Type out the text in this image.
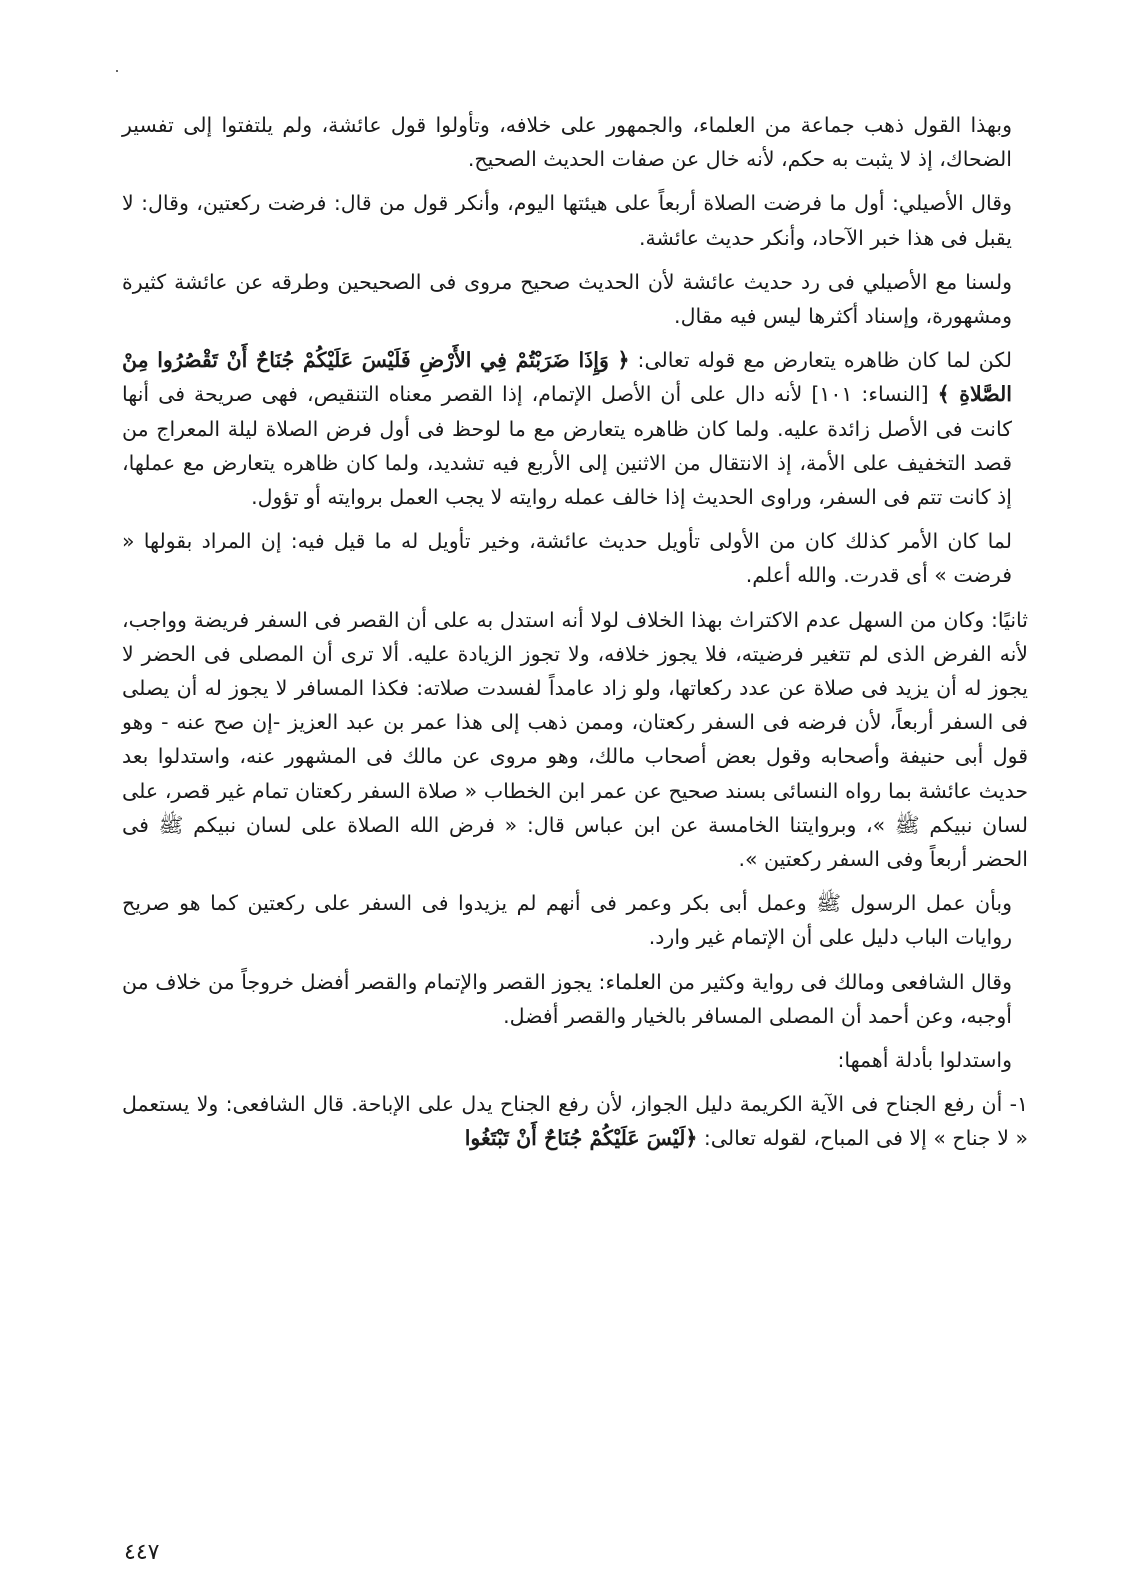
وبهذا القول ذهب جماعة من العلماء، والجمهور على خلافه، وتأولوا قول عائشة، ولم يلتفتوا إلى تفسير الضحاك، إذ لا يثبت به حكم، لأنه خال عن صفات الحديث الصحيح.

وقال الأصيلي: أول ما فرضت الصلاة أربعاً على هيئتها اليوم، وأنكر قول من قال: فرضت ركعتين، وقال: لا يقبل فى هذا خبر الآحاد، وأنكر حديث عائشة.

ولسنا مع الأصيلي فى رد حديث عائشة لأن الحديث صحيح مروى فى الصحيحين وطرقه عن عائشة كثيرة ومشهورة، وإسناد أكثرها ليس فيه مقال.

لكن لما كان ظاهره يتعارض مع قوله تعالى: ﴿ وَإِذَا ضَرَبْتُمْ فِي الأَرْضِ فَلَيْسَ عَلَيْكُمْ جُنَاحٌ أَنْ تَقْصُرُوا مِنْ الصَّلاةِ ﴾ [النساء: ١٠١] لأنه دال على أن الأصل الإتمام، إذا القصر معناه التنقيص، فهى صريحة فى أنها كانت فى الأصل زائدة عليه. ولما كان ظاهره يتعارض مع ما لوحظ فى أول فرض الصلاة ليلة المعراج من قصد التخفيف على الأمة، إذ الانتقال من الاثنين إلى الأربع فيه تشديد، ولما كان ظاهره يتعارض مع عملها، إذ كانت تتم فى السفر، وراوى الحديث إذا خالف عمله روايته لا يجب العمل بروايته أو تؤول.

لما كان الأمر كذلك كان من الأولى تأويل حديث عائشة، وخير تأويل له ما قيل فيه: إن المراد بقولها « فرضت » أى قدرت. والله أعلم.

ثانيًا: وكان من السهل عدم الاكتراث بهذا الخلاف لولا أنه استدل به على أن القصر فى السفر فريضة وواجب، لأنه الفرض الذى لم تتغير فرضيته، فلا يجوز خلافه، ولا تجوز الزيادة عليه. ألا ترى أن المصلى فى الحضر لا يجوز له أن يزيد فى صلاة عن عدد ركعاتها، ولو زاد عامداً لفسدت صلاته: فكذا المسافر لا يجوز له أن يصلى فى السفر أربعاً، لأن فرضه فى السفر ركعتان، وممن ذهب إلى هذا عمر بن عبد العزيز -إن صح عنه - وهو قول أبى حنيفة وأصحابه وقول بعض أصحاب مالك، وهو مروى عن مالك فى المشهور عنه، واستدلوا بعد حديث عائشة بما رواه النسائى بسند صحيح عن عمر ابن الخطاب « صلاة السفر ركعتان تمام غير قصر، على لسان نبيكم ﷺ »، وبروايتنا الخامسة عن ابن عباس قال: « فرض الله الصلاة على لسان نبيكم ﷺ فى الحضر أربعاً وفى السفر ركعتين ».

وبأن عمل الرسول ﷺ وعمل أبى بكر وعمر فى أنهم لم يزيدوا فى السفر على ركعتين كما هو صريح روايات الباب دليل على أن الإتمام غير وارد.

وقال الشافعى ومالك فى رواية وكثير من العلماء: يجوز القصر والإتمام والقصر أفضل خروجاً من خلاف من أوجبه، وعن أحمد أن المصلى المسافر بالخيار والقصر أفضل.

واستدلوا بأدلة أهمها:

١- أن رفع الجناح فى الآية الكريمة دليل الجواز، لأن رفع الجناح يدل على الإباحة. قال الشافعى: ولا يستعمل « لا جناح » إلا فى المباح، لقوله تعالى: ﴿لَيْسَ عَلَيْكُمْ جُنَاحٌ أَنْ تَبْتَغُوا

٤٤٧
